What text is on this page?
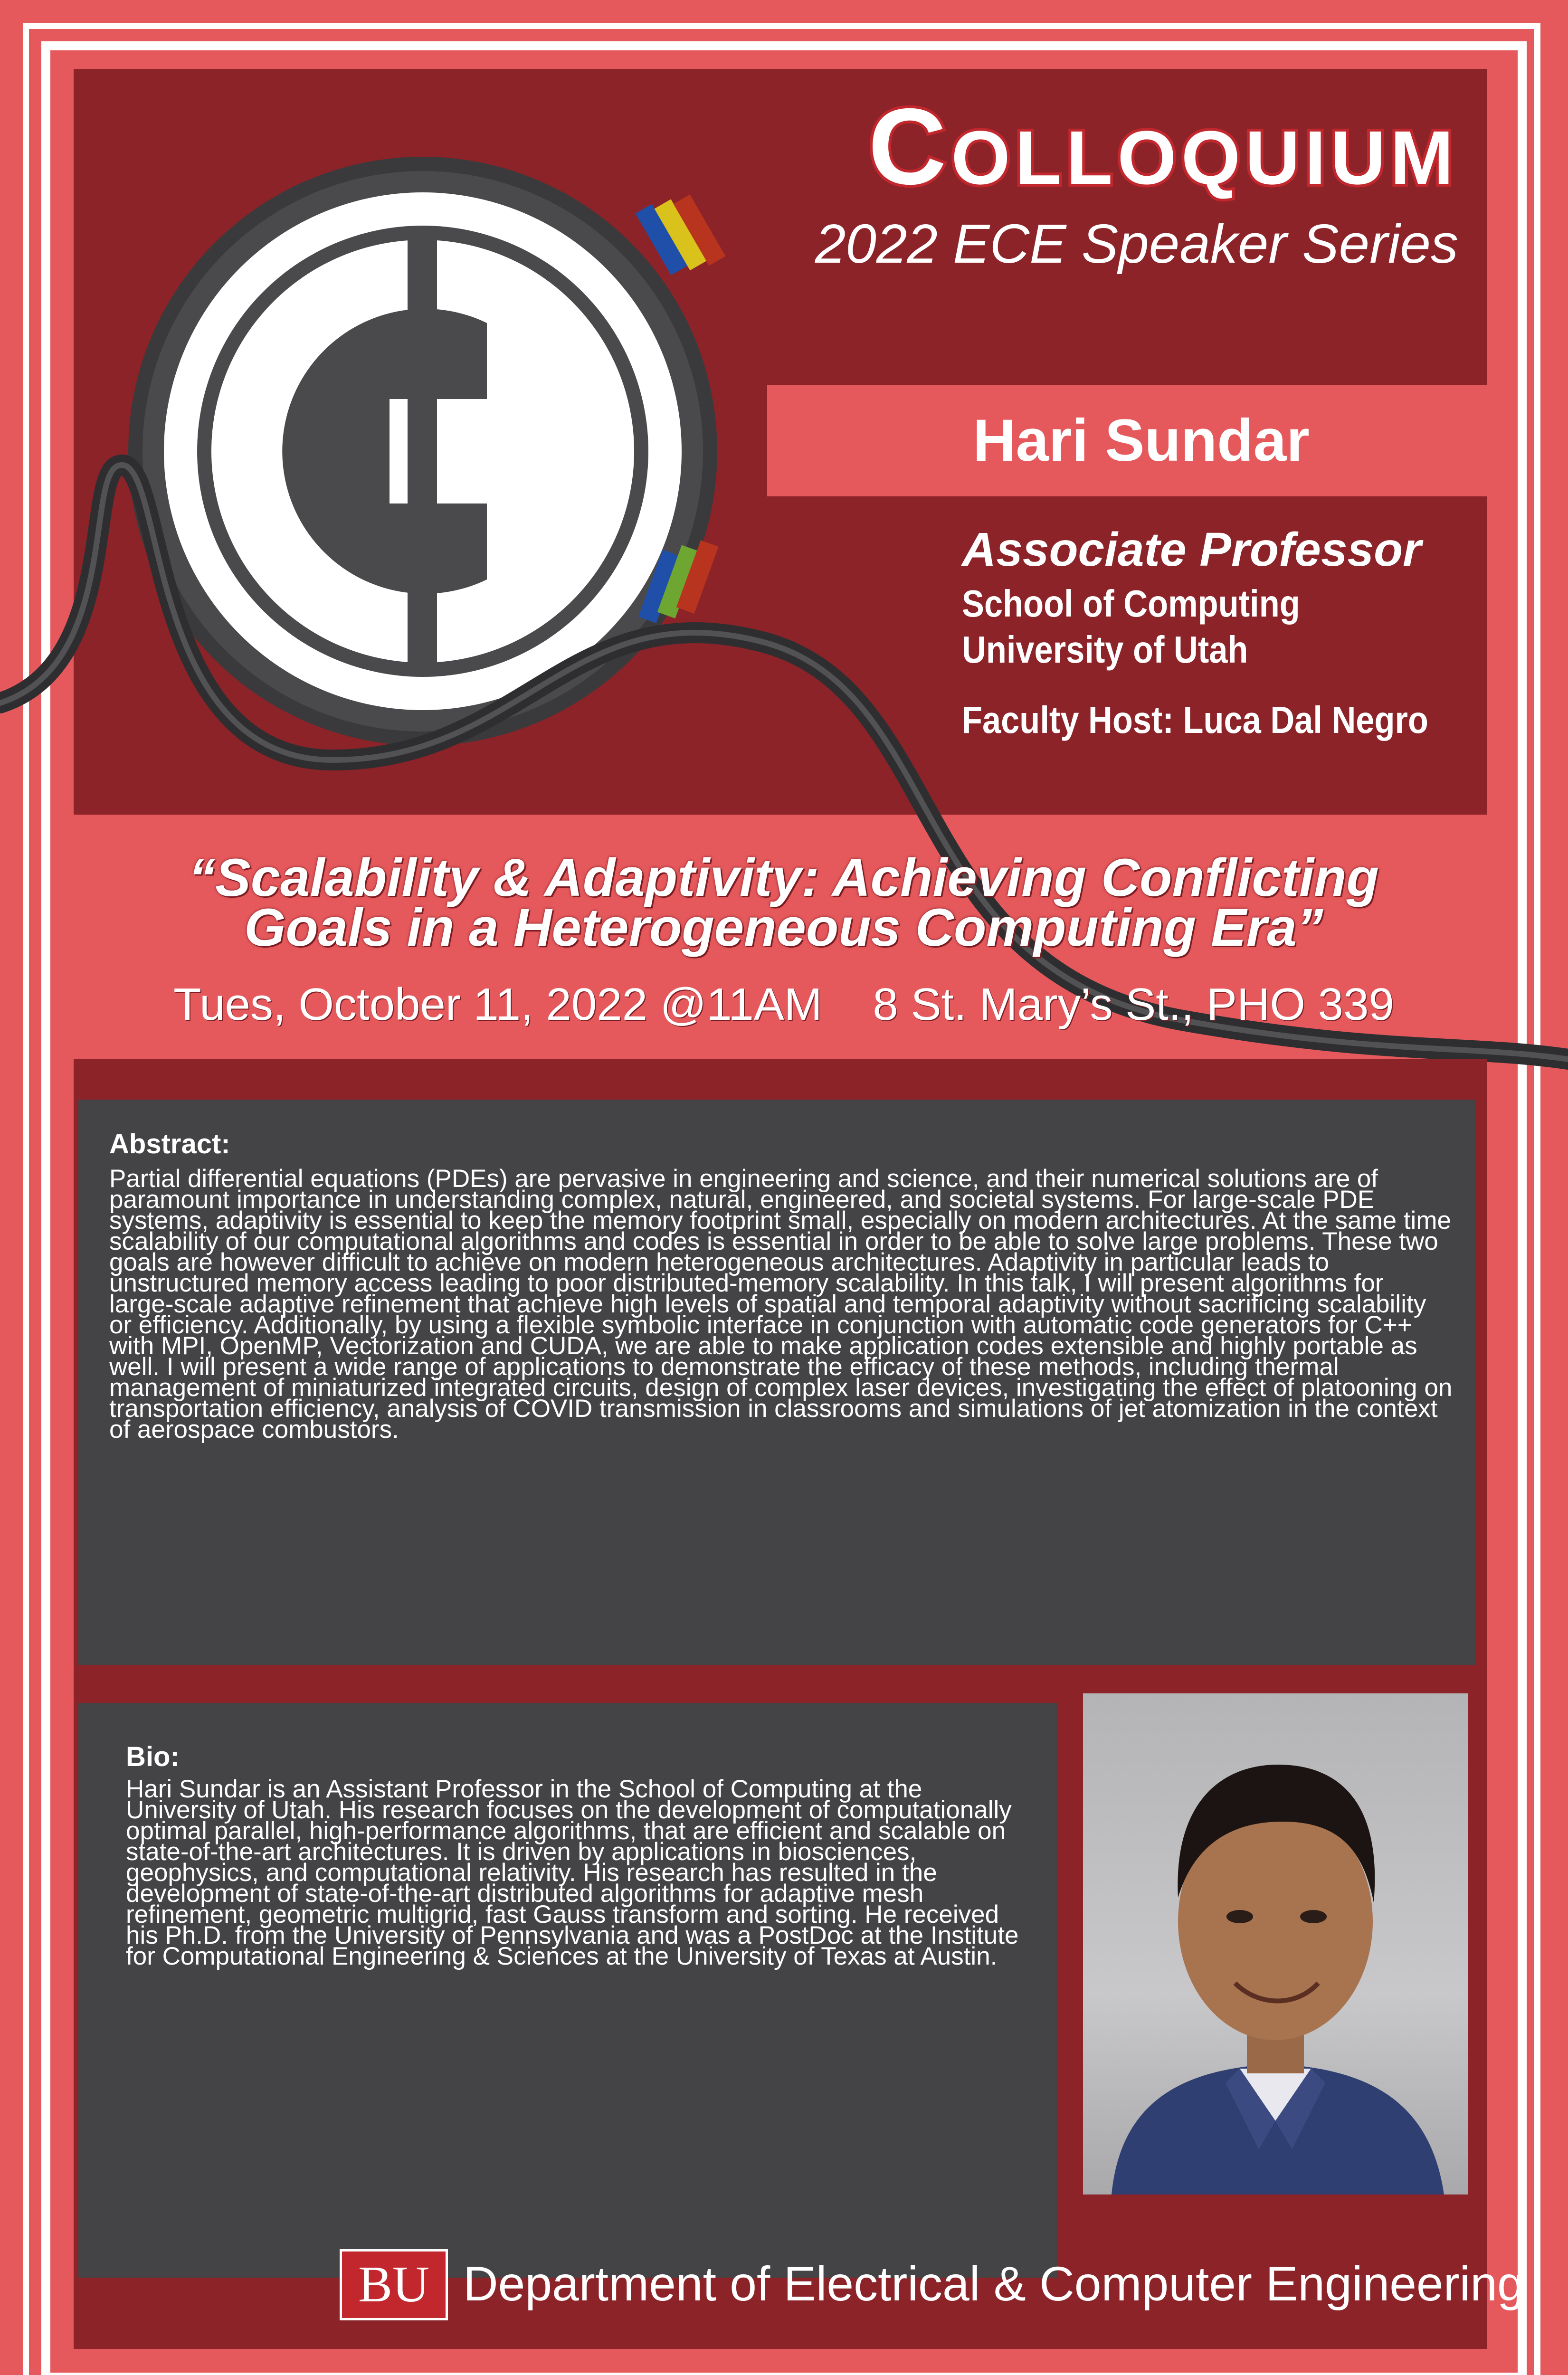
Colloquium
2022 ECE Speaker Series
Hari Sundar
Associate Professor
School of Computing
University of Utah
Faculty Host: Luca Dal Negro
“Scalability & Adaptivity: Achieving Conflicting
Goals in a Heterogeneous Computing Era”
Tues, October 11, 2022 @11AM 8 St. Mary’s St., PHO 339
Abstract:
Partial differential equations (PDEs) are pervasive in engineering and science, and their numerical solutions are of paramount importance in understanding complex, natural, engineered, and societal systems. For large-scale PDE systems, adaptivity is essential to keep the memory footprint small, especially on modern architectures. At the same time scalability of our computational algorithms and codes is essential in order to be able to solve large problems. These two goals are however difficult to achieve on modern heterogeneous architectures. Adaptivity in particular leads to unstructured memory access leading to poor distributed-memory scalability. In this talk, I will present algorithms for large-scale adaptive refinement that achieve high levels of spatial and temporal adaptivity without sacrificing scalability or efficiency. Additionally, by using a flexible symbolic interface in conjunction with automatic code generators for C++ with MPI, OpenMP, Vectorization and CUDA, we are able to make application codes extensible and highly portable as well. I will present a wide range of applications to demonstrate the efficacy of these methods, including thermal management of miniaturized integrated circuits, design of complex laser devices, investigating the effect of platooning on transportation efficiency, analysis of COVID transmission in classrooms and simulations of jet atomization in the context of aerospace combustors.
Bio:
Hari Sundar is an Assistant Professor in the School of Computing at the University of Utah. His research focuses on the development of computationally optimal parallel, high-performance algorithms, that are efficient and scalable on state-of-the-art architectures. It is driven by applications in biosciences, geophysics, and computational relativity. His research has resulted in the development of state-of-the-art distributed algorithms for adaptive mesh refinement, geometric multigrid, fast Gauss transform and sorting. He received his Ph.D. from the University of Pennsylvania and was a PostDoc at the Institute for Computational Engineering & Sciences at the University of Texas at Austin.
BU Department of Electrical & Computer Engineering
